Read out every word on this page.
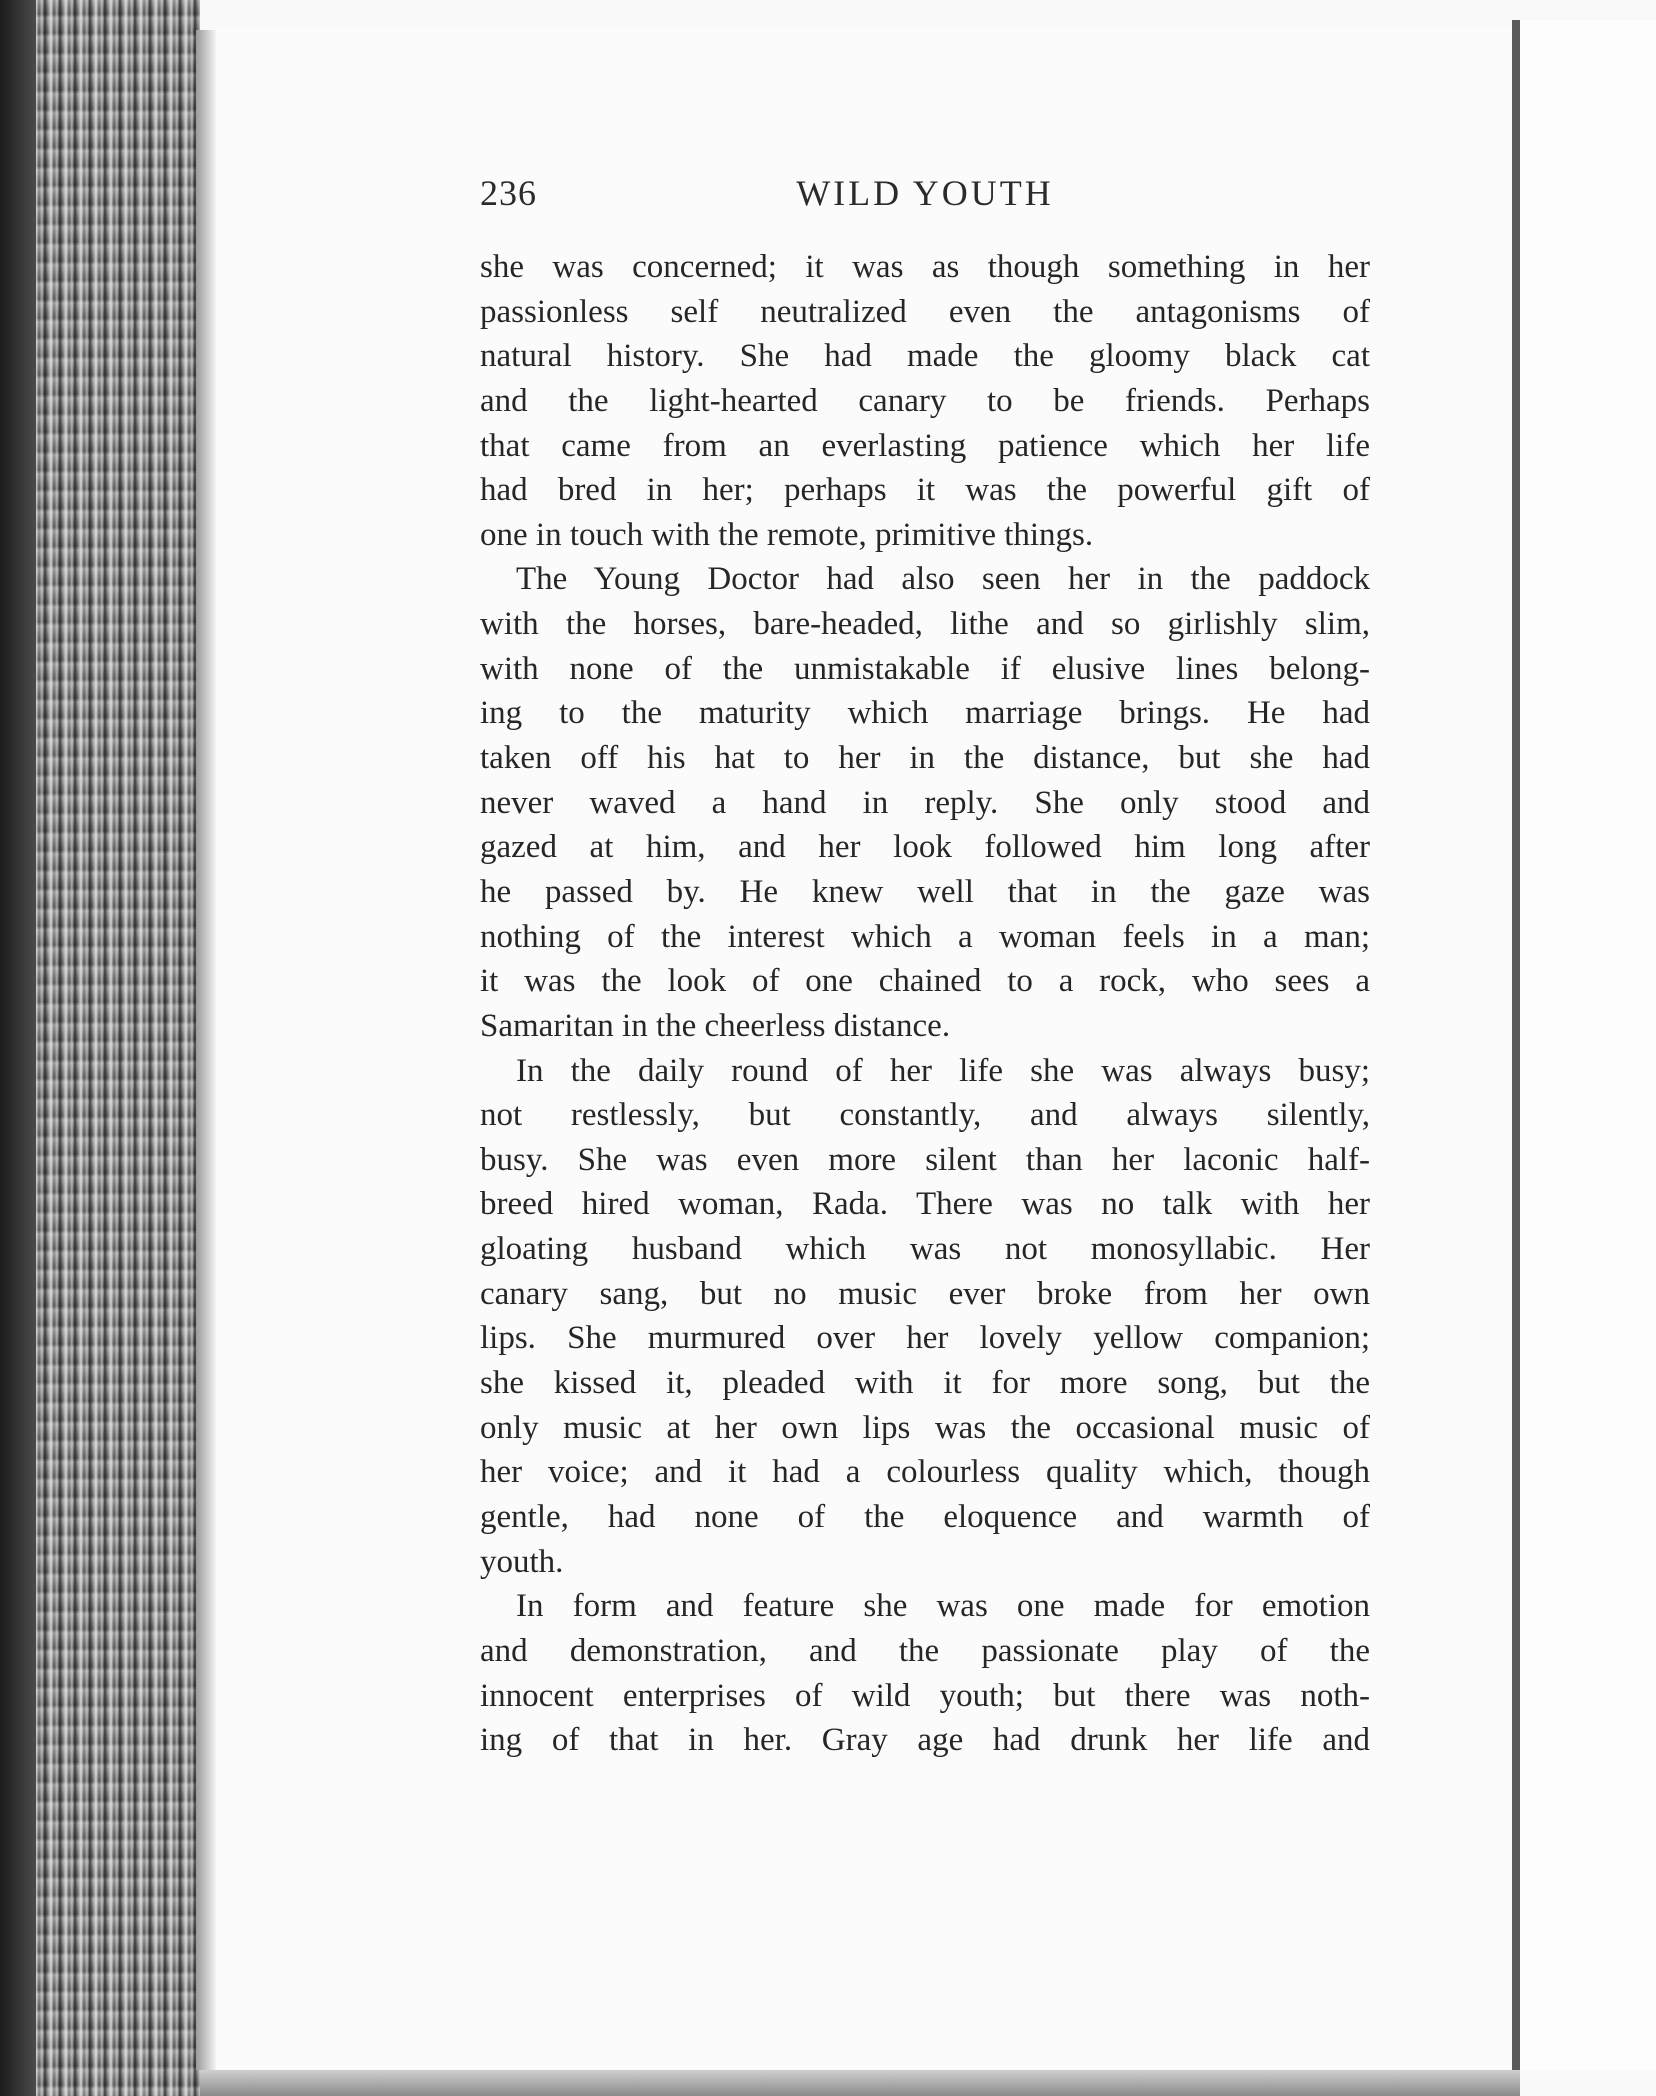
236	WILD YOUTH
she was concerned; it was as though something in her
passionless self neutralized even the antagonisms of
natural history. She had made the gloomy black cat
and the light-hearted canary to be friends. Perhaps
that came from an everlasting patience which her life
had bred in her; perhaps it was the powerful gift of
one in touch with the remote, primitive things.
The Young Doctor had also seen her in the paddock
with the horses, bare-headed, lithe and so girlishly slim,
with none of the unmistakable if elusive lines belong-
ing to the maturity which marriage brings. He had
taken off his hat to her in the distance, but she had
never waved a hand in reply. She only stood and
gazed at him, and her look followed him long after
he passed by. He knew well that in the gaze was
nothing of the interest which a woman feels in a man;
it was the look of one chained to a rock, who sees a
Samaritan in the cheerless distance.
In the daily round of her life she was always busy;
not restlessly, but constantly, and always silently,
busy. She was even more silent than her laconic half-
breed hired woman, Rada. There was no talk with her
gloating husband which was not monosyllabic. Her
canary sang, but no music ever broke from her own
lips. She murmured over her lovely yellow companion;
she kissed it, pleaded with it for more song, but the
only music at her own lips was the occasional music of
her voice; and it had a colourless quality which, though
gentle, had none of the eloquence and warmth of
youth.
In form and feature she was one made for emotion
and demonstration, and the passionate play of the
innocent enterprises of wild youth; but there was noth-
ing of that in her. Gray age had drunk her life and
